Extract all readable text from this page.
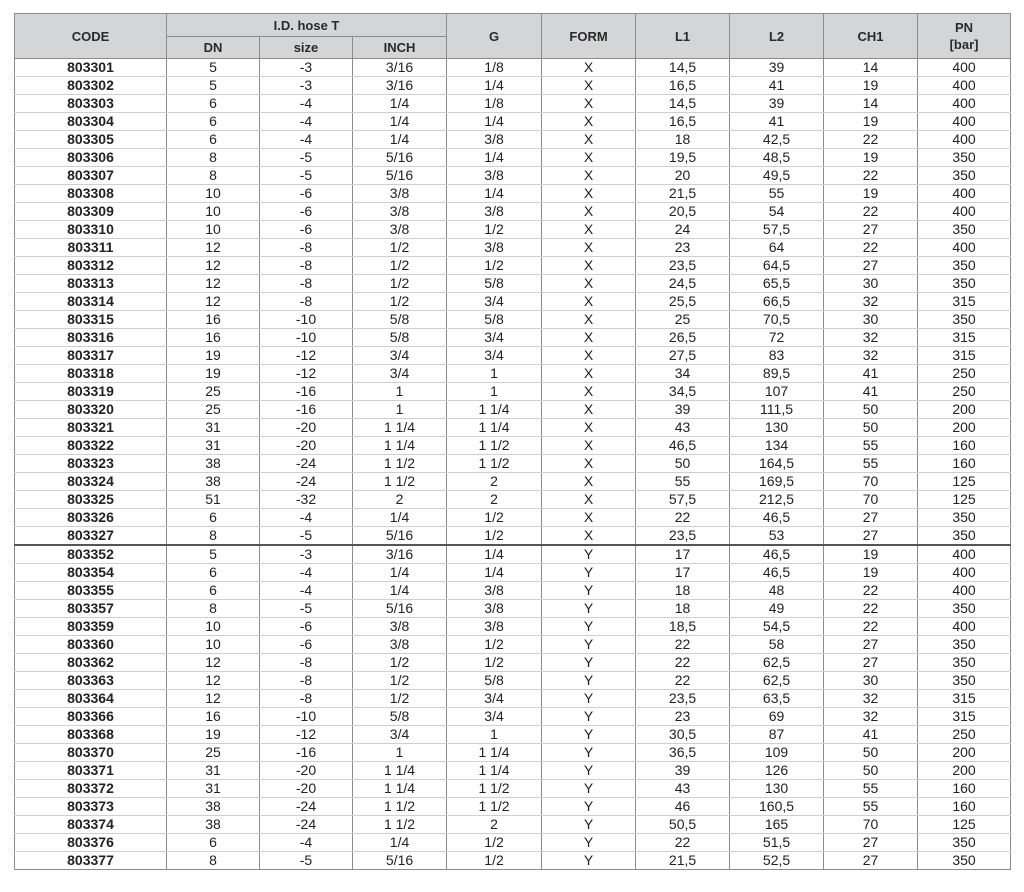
CODE	I.D. hose T			G	FORM	L1	L2	CH1	PN
[bar]

	DN	size	INCH						
803301	5	-3	3/16	1/8	X	14,5	39	14	400
803302	5	-3	3/16	1/4	X	16,5	41	19	400
803303	6	-4	1/4	1/8	X	14,5	39	14	400
803304	6	-4	1/4	1/4	X	16,5	41	19	400
803305	6	-4	1/4	3/8	X	18	42,5	22	400
803306	8	-5	5/16	1/4	X	19,5	48,5	19	350
803307	8	-5	5/16	3/8	X	20	49,5	22	350
803308	10	-6	3/8	1/4	X	21,5	55	19	400
803309	10	-6	3/8	3/8	X	20,5	54	22	400
803310	10	-6	3/8	1/2	X	24	57,5	27	350
803311	12	-8	1/2	3/8	X	23	64	22	400
803312	12	-8	1/2	1/2	X	23,5	64,5	27	350
803313	12	-8	1/2	5/8	X	24,5	65,5	30	350
803314	12	-8	1/2	3/4	X	25,5	66,5	32	315
803315	16	-10	5/8	5/8	X	25	70,5	30	350
803316	16	-10	5/8	3/4	X	26,5	72	32	315
803317	19	-12	3/4	3/4	X	27,5	83	32	315
803318	19	-12	3/4	1	X	34	89,5	41	250
803319	25	-16	1	1	X	34,5	107	41	250
803320	25	-16	1	1 1/4	X	39	111,5	50	200
803321	31	-20	1 1/4	1 1/4	X	43	130	50	200
803322	31	-20	1 1/4	1 1/2	X	46,5	134	55	160
803323	38	-24	1 1/2	1 1/2	X	50	164,5	55	160
803324	38	-24	1 1/2	2	X	55	169,5	70	125
803325	51	-32	2	2	X	57,5	212,5	70	125
803326	6	-4	1/4	1/2	X	22	46,5	27	350
803327	8	-5	5/16	1/2	X	23,5	53	27	350
803352	5	-3	3/16	1/4	Y	17	46,5	19	400
803354	6	-4	1/4	1/4	Y	17	46,5	19	400
803355	6	-4	1/4	3/8	Y	18	48	22	400
803357	8	-5	5/16	3/8	Y	18	49	22	350
803359	10	-6	3/8	3/8	Y	18,5	54,5	22	400
803360	10	-6	3/8	1/2	Y	22	58	27	350
803362	12	-8	1/2	1/2	Y	22	62,5	27	350
803363	12	-8	1/2	5/8	Y	22	62,5	30	350
803364	12	-8	1/2	3/4	Y	23,5	63,5	32	315
803366	16	-10	5/8	3/4	Y	23	69	32	315
803368	19	-12	3/4	1	Y	30,5	87	41	250
803370	25	-16	1	1 1/4	Y	36,5	109	50	200
803371	31	-20	1 1/4	1 1/4	Y	39	126	50	200
803372	31	-20	1 1/4	1 1/2	Y	43	130	55	160
803373	38	-24	1 1/2	1 1/2	Y	46	160,5	55	160
803374	38	-24	1 1/2	2	Y	50,5	165	70	125
803376	6	-4	1/4	1/2	Y	22	51,5	27	350
803377	8	-5	5/16	1/2	Y	21,5	52,5	27	350
